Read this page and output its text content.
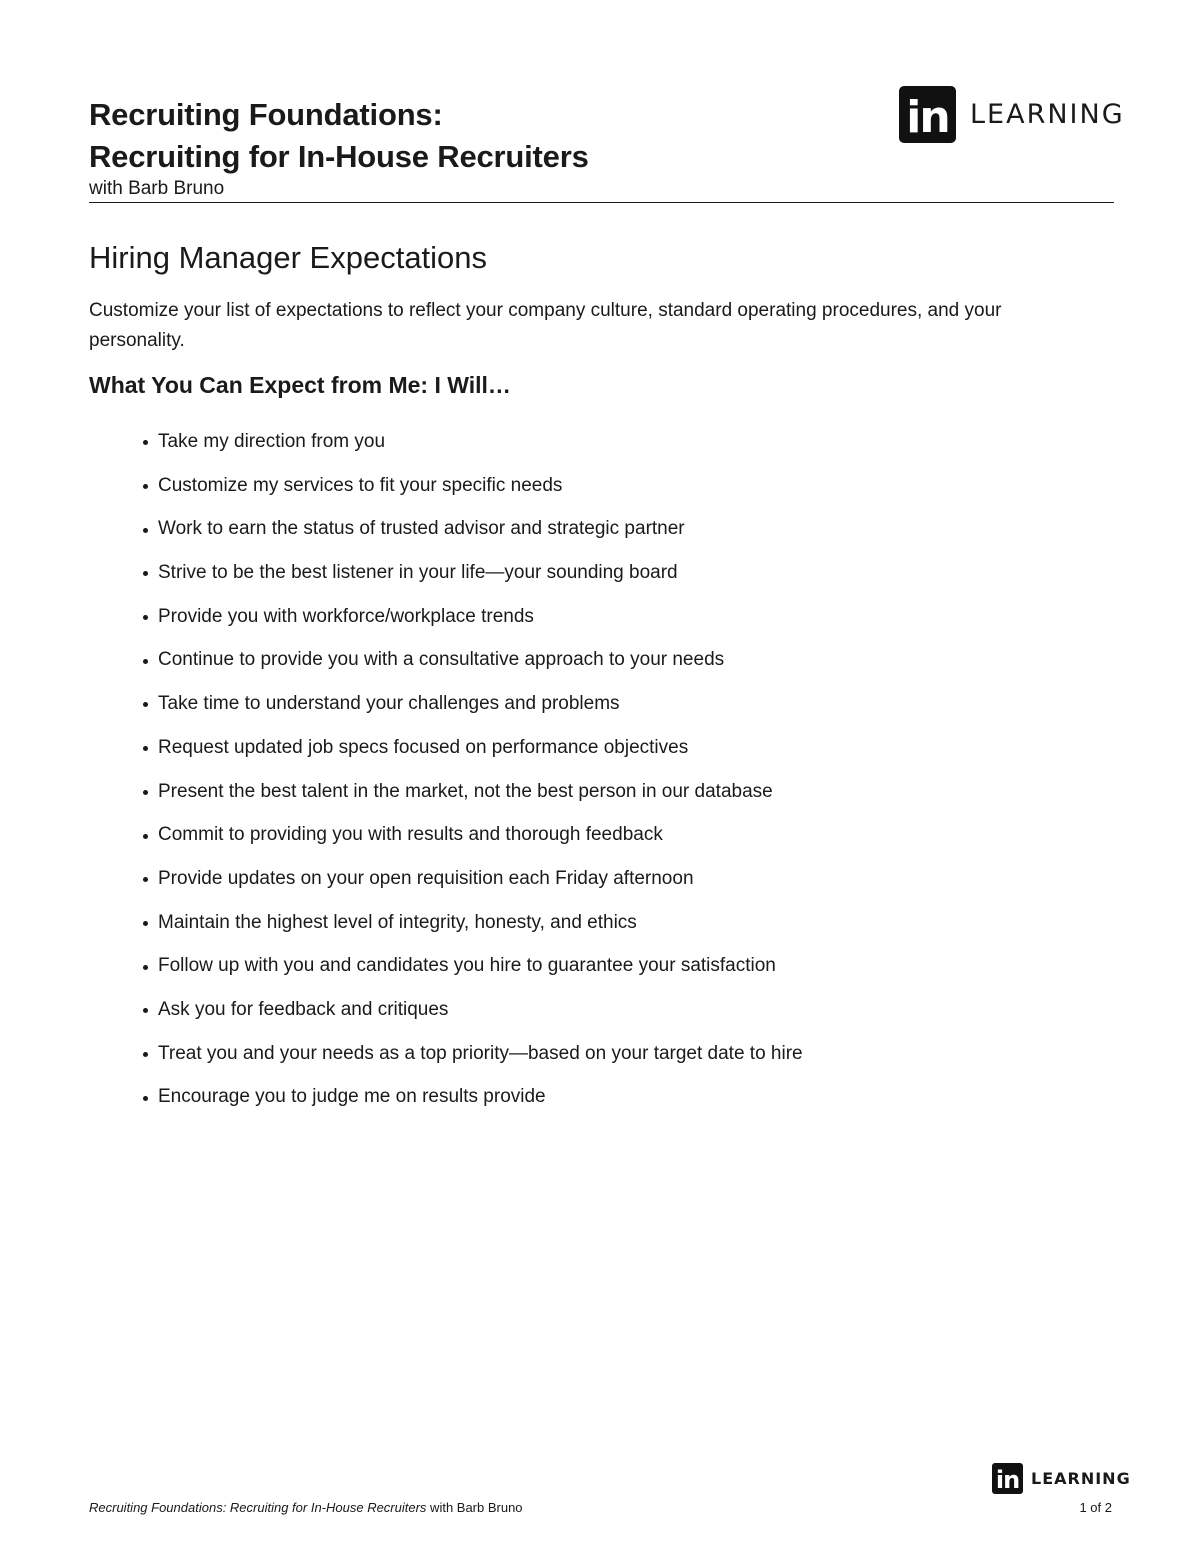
Recruiting Foundations:
Recruiting for In-House Recruiters

with Barb Bruno

in LEARNING
Hiring Manager Expectations

Customize your list of expectations to reflect your company culture, standard operating procedures, and your personality.

What You Can Expect from Me: I Will…
Take my direction from you
Customize my services to fit your specific needs
Work to earn the status of trusted advisor and strategic partner
Strive to be the best listener in your life—your sounding board
Provide you with workforce/workplace trends
Continue to provide you with a consultative approach to your needs
Take time to understand your challenges and problems
Request updated job specs focused on performance objectives
Present the best talent in the market, not the best person in our database
Commit to providing you with results and thorough feedback
Provide updates on your open requisition each Friday afternoon
Maintain the highest level of integrity, honesty, and ethics
Follow up with you and candidates you hire to guarantee your satisfaction
Ask you for feedback and critiques
Treat you and your needs as a top priority—based on your target date to hire
Encourage you to judge me on results provide
in LEARNING
Recruiting Foundations: Recruiting for In-House Recruiters with Barb Bruno	1 of 2
